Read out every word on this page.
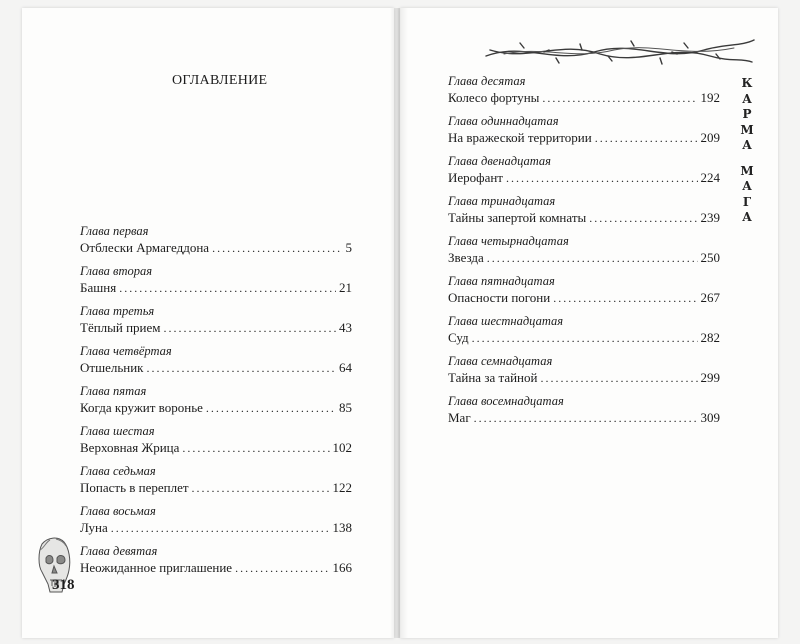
ОГЛАВЛЕНИЕ
Глава первая
Отблески Армагеддона . . .	5
Глава вторая
Башня . . .	21
Глава третья
Тёплый прием . . .	43
Глава четвёртая
Отшельник . . .	64
Глава пятая
Когда кружит воронье . . .	85
Глава шестая
Верховная Жрица . . .	102
Глава седьмая
Попасть в переплет . . .	122
Глава восьмая
Луна . . .	138
Глава девятая
Неожиданное приглашение . . .	166
318
Глава десятая
Колесо фортуны . . .	192
Глава одиннадцатая
На вражеской территории . . .	209
Глава двенадцатая
Иерофант . . .	224
Глава тринадцатая
Тайны запертой комнаты . . .	239
Глава четырнадцатая
Звезда . . .	250
Глава пятнадцатая
Опасности погони . . .	267
Глава шестнадцатая
Суд . . .	282
Глава семнадцатая
Тайна за тайной . . .	299
Глава восемнадцатая
Маг . . .	309
К
А
Р
М
А
М
А
Г
А
